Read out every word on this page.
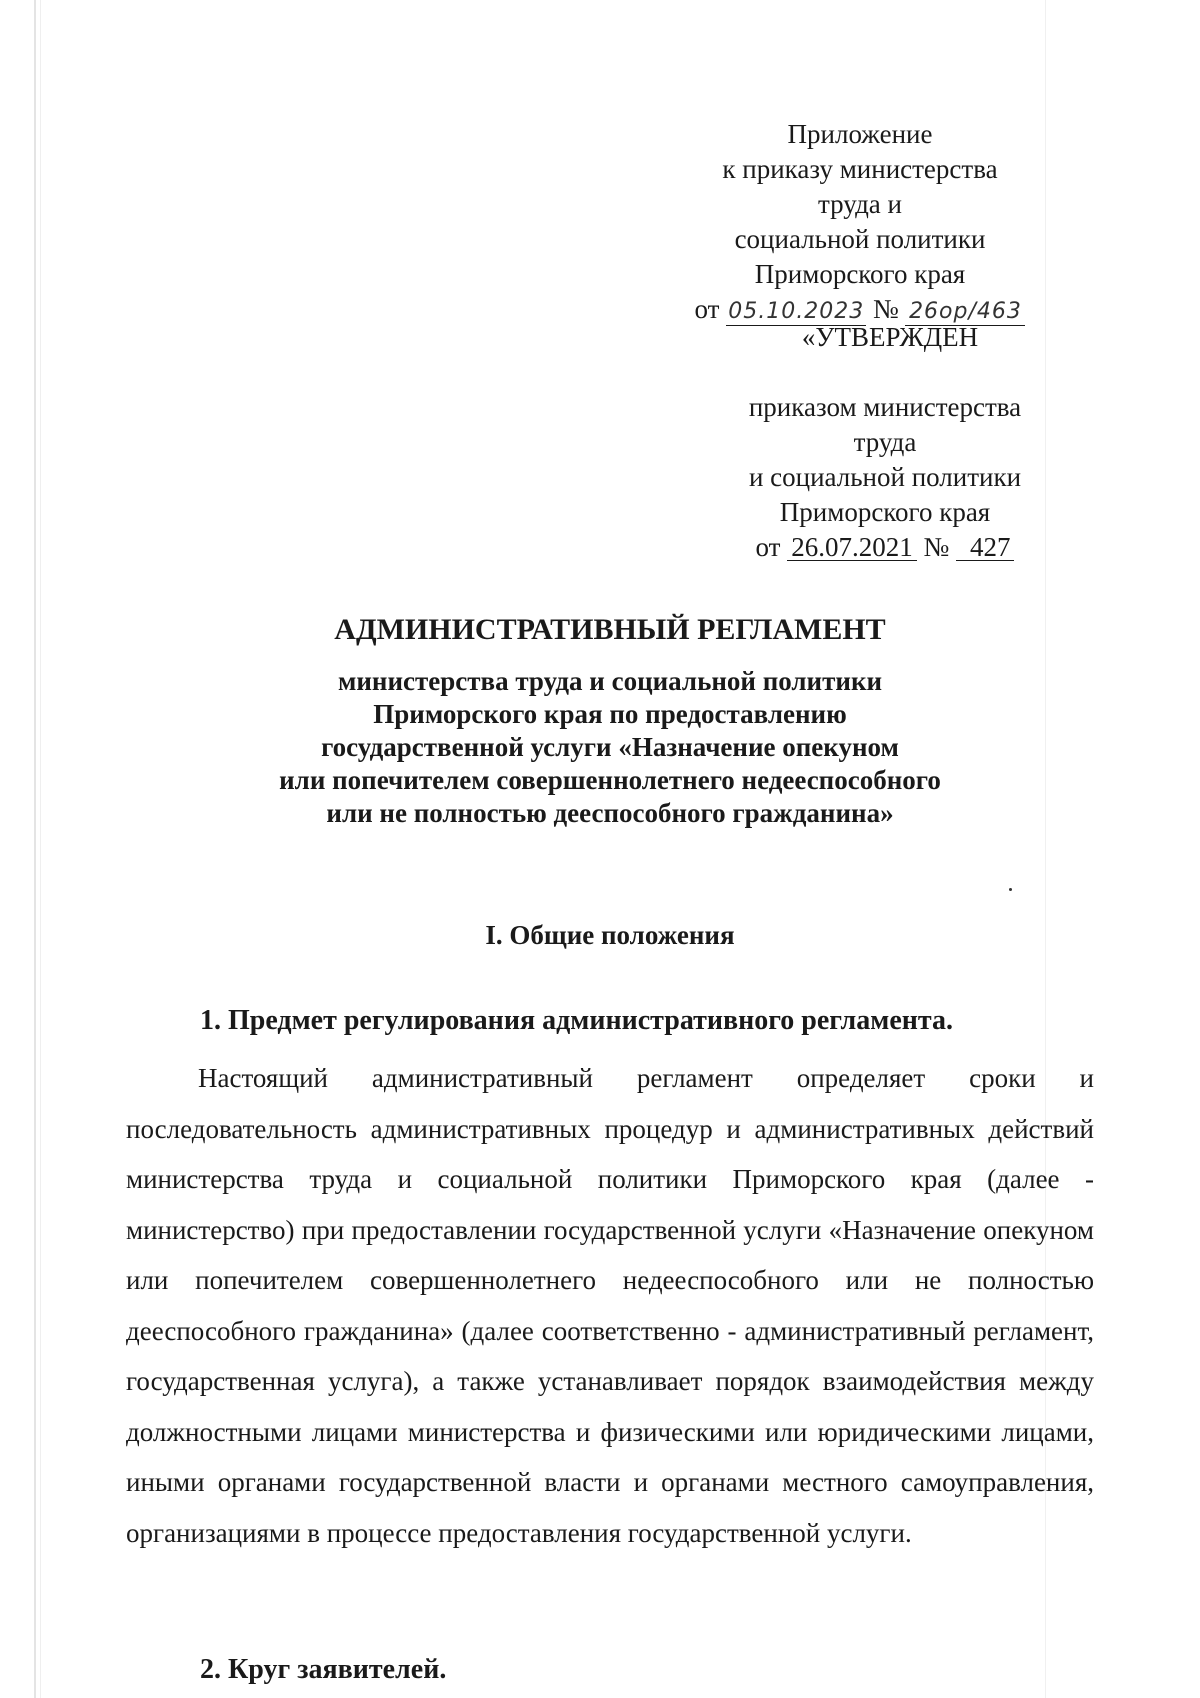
Приложение
к приказу министерства труда и
социальной политики
Приморского края
от 05.10.2023 № 26ор/463
«УТВЕРЖДЕН
приказом министерства труда
и социальной политики
Приморского края
от 26.07.2021 № 427
АДМИНИСТРАТИВНЫЙ РЕГЛАМЕНТ
министерства труда и социальной политики
Приморского края по предоставлению
государственной услуги «Назначение опекуном
или попечителем совершеннолетнего недееспособного
или не полностью дееспособного гражданина»
I. Общие положения
1. Предмет регулирования административного регламента.

Настоящий административный регламент определяет сроки и последовательность административных процедур и административных действий министерства труда и социальной политики Приморского края (далее - министерство) при предоставлении государственной услуги «Назначение опекуном или попечителем совершеннолетнего недееспособного или не полностью дееспособного гражданина» (далее соответственно - административный регламент, государственная услуга), а также устанавливает порядок взаимодействия между должностными лицами министерства и физическими или юридическими лицами, иными органами государственной власти и органами местного самоуправления, организациями в процессе предоставления государственной услуги.

2. Круг заявителей.
